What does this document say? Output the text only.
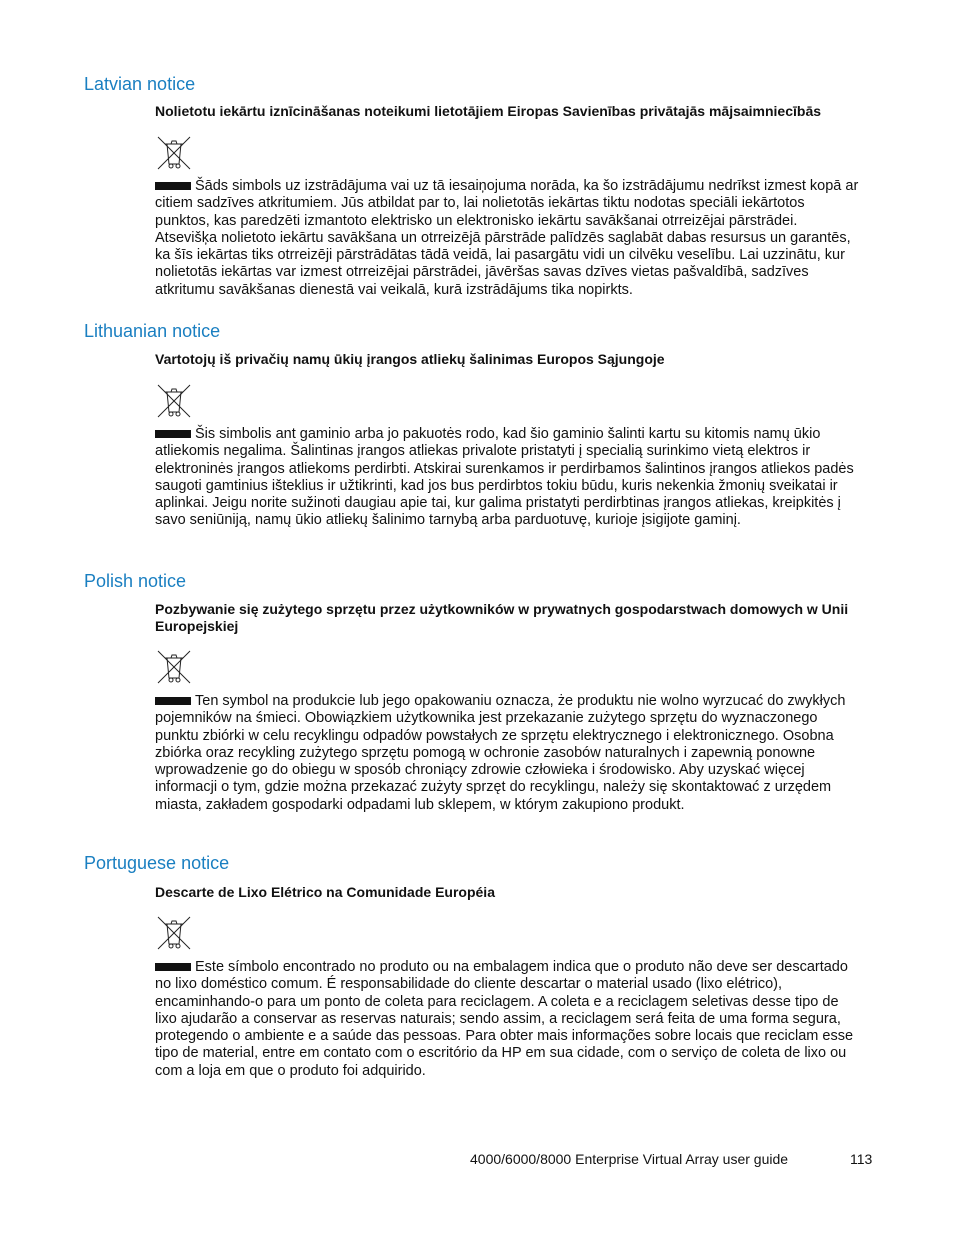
Latvian notice

Nolietotu iekārtu iznīcināšanas noteikumi lietotājiem Eiropas Savienības privātajās mājsaimniecībās

Šāds simbols uz izstrādājuma vai uz tā iesaiņojuma norāda, ka šo izstrādājumu nedrīkst izmest kopā ar citiem sadzīves atkritumiem. Jūs atbildat par to, lai nolietotās iekārtas tiktu nodotas speciāli iekārtotos punktos, kas paredzēti izmantoto elektrisko un elektronisko iekārtu savākšanai otrreizējai pārstrādei. Atsevišķa nolietoto iekārtu savākšana un otrreizējā pārstrāde palīdzēs saglabāt dabas resursus un garantēs, ka šīs iekārtas tiks otrreizēji pārstrādātas tādā veidā, lai pasargātu vidi un cilvēku veselību. Lai uzzinātu, kur nolietotās iekārtas var izmest otrreizējai pārstrādei, jāvēršas savas dzīves vietas pašvaldībā, sadzīves atkritumu savākšanas dienestā vai veikalā, kurā izstrādājums tika nopirkts.

Lithuanian notice

Vartotojų iš privačių namų ūkių įrangos atliekų šalinimas Europos Sąjungoje

Šis simbolis ant gaminio arba jo pakuotės rodo, kad šio gaminio šalinti kartu su kitomis namų ūkio atliekomis negalima. Šalintinas įrangos atliekas privalote pristatyti į specialią surinkimo vietą elektros ir elektroninės įrangos atliekoms perdirbti. Atskirai surenkamos ir perdirbamos šalintinos įrangos atliekos padės saugoti gamtinius išteklius ir užtikrinti, kad jos bus perdirbtos tokiu būdu, kuris nekenkia žmonių sveikatai ir aplinkai. Jeigu norite sužinoti daugiau apie tai, kur galima pristatyti perdirbtinas įrangos atliekas, kreipkitės į savo seniūniją, namų ūkio atliekų šalinimo tarnybą arba parduotuvę, kurioje įsigijote gaminį.

Polish notice

Pozbywanie się zużytego sprzętu przez użytkowników w prywatnych gospodarstwach domowych w Unii Europejskiej

Ten symbol na produkcie lub jego opakowaniu oznacza, że produktu nie wolno wyrzucać do zwykłych pojemników na śmieci. Obowiązkiem użytkownika jest przekazanie zużytego sprzętu do wyznaczonego punktu zbiórki w celu recyklingu odpadów powstałych ze sprzętu elektrycznego i elektronicznego. Osobna zbiórka oraz recykling zużytego sprzętu pomogą w ochronie zasobów naturalnych i zapewnią ponowne wprowadzenie go do obiegu w sposób chroniący zdrowie człowieka i środowisko. Aby uzyskać więcej informacji o tym, gdzie można przekazać zużyty sprzęt do recyklingu, należy się skontaktować z urzędem miasta, zakładem gospodarki odpadami lub sklepem, w którym zakupiono produkt.

Portuguese notice

Descarte de Lixo Elétrico na Comunidade Européia

Este símbolo encontrado no produto ou na embalagem indica que o produto não deve ser descartado no lixo doméstico comum. É responsabilidade do cliente descartar o material usado (lixo elétrico), encaminhando-o para um ponto de coleta para reciclagem. A coleta e a reciclagem seletivas desse tipo de lixo ajudarão a conservar as reservas naturais; sendo assim, a reciclagem será feita de uma forma segura, protegendo o ambiente e a saúde das pessoas. Para obter mais informações sobre locais que reciclam esse tipo de material, entre em contato com o escritório da HP em sua cidade, com o serviço de coleta de lixo ou com a loja em que o produto foi adquirido.

4000/6000/8000 Enterprise Virtual Array user guide	113
